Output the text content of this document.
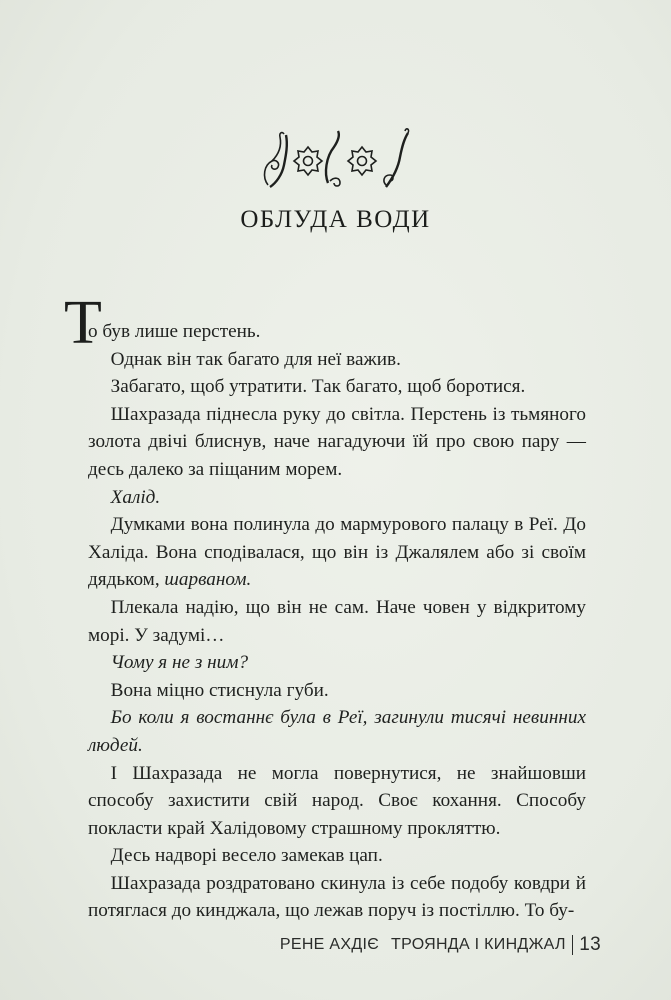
ОБЛУДА ВОДИ
Т

о був лише перстень.

Однак він так багато для неї важив.

Забагато, щоб утратити. Так багато, щоб боротися.

Шахразада піднесла руку до світла. Перстень із тьмяного золота двічі блиснув, наче нагадуючи їй про свою пару — десь далеко за піщаним морем.

Халід.

Думками вона полинула до мармурового палацу в Реї. До Халіда. Вона сподівалася, що він із Джалялем або зі своїм дядьком, шарваном.

Плекала надію, що він не сам. Наче човен у відкритому морі. У задумі…

Чому я не з ним?

Вона міцно стиснула губи.

Бо коли я востаннє була в Реї, загинули тисячі невинних людей.

І Шахразада не могла повернутися, не знайшовши способу захистити свій народ. Своє кохання. Способу покласти край Халідовому страшному прокляттю.

Десь надворі весело замекав цап.

Шахразада роздратовано скинула із себе подобу ковдри й потяглася до кинджала, що лежав поруч із постіллю. То бу-

РЕНЕ АХДІЄ ТРОЯНДА І КИНДЖАЛ 13
